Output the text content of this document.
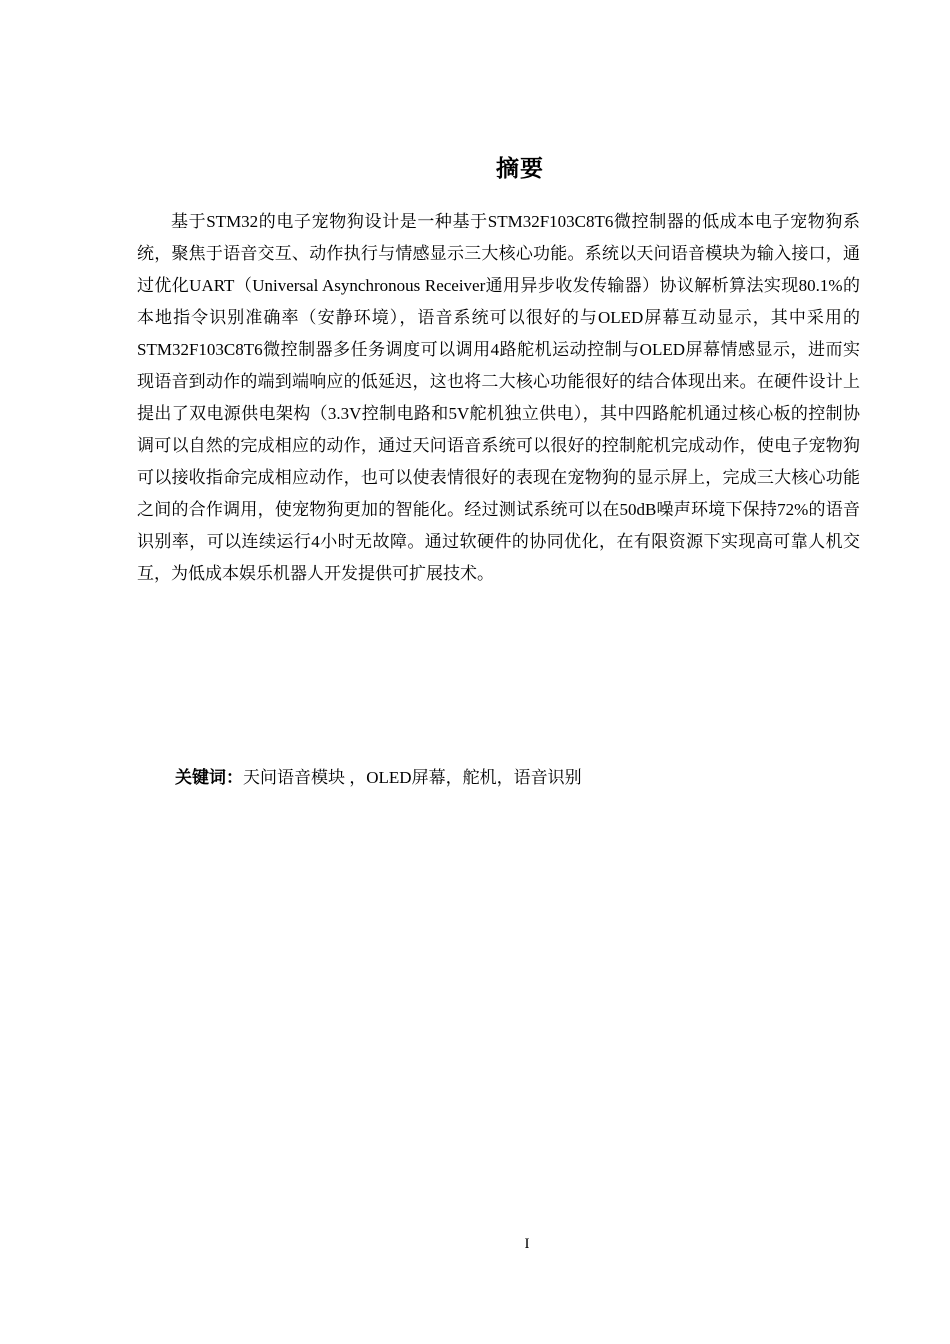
摘要

基于STM32的电子宠物狗设计是一种基于STM32F103C8T6微控制器的低成本电子宠物狗系统，聚焦于语音交互、动作执行与情感显示三大核心功能。系统以天问语音模块为输入接口，通过优化UART（Universal Asynchronous Receiver通用异步收发传输器）协议解析算法实现80.1%的本地指令识别准确率（安静环境），语音系统可以很好的与OLED屏幕互动显示，其中采用的STM32F103C8T6微控制器多任务调度可以调用4路舵机运动控制与OLED屏幕情感显示，进而实现语音到动作的端到端响应的低延迟，这也将二大核心功能很好的结合体现出来。在硬件设计上提出了双电源供电架构（3.3V控制电路和5V舵机独立供电），其中四路舵机通过核心板的控制协调可以自然的完成相应的动作，通过天问语音系统可以很好的控制舵机完成动作，使电子宠物狗可以接收指命完成相应动作，也可以使表情很好的表现在宠物狗的显示屏上，完成三大核心功能之间的合作调用，使宠物狗更加的智能化。经过测试系统可以在50dB噪声环境下保持72%的语音识别率，可以连续运行4小时无故障。通过软硬件的协同优化，在有限资源下实现高可靠人机交互，为低成本娱乐机器人开发提供可扩展技术。

关键词：天问语音模块 ，OLED屏幕，舵机，语音识别

I
